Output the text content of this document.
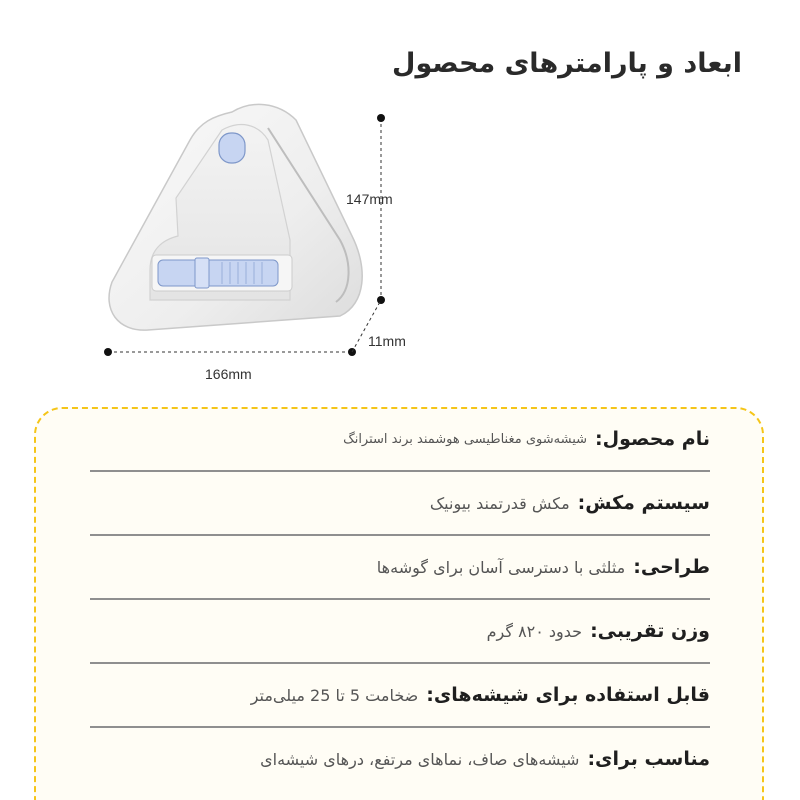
ابعاد و پارامترهای محصول
147mm
11mm
166mm
نام محصول:
شیشه‌شوی مغناطیسی هوشمند برند استرانگ
سیستم مکش:
مکش قدرتمند بیونیک
طراحی:
مثلثی با دسترسی آسان برای گوشه‌ها
وزن تقریبی:
حدود ۸۲۰ گرم
قابل استفاده برای شیشه‌های:
ضخامت 5 تا 25 میلی‌متر
مناسب برای:
شیشه‌های صاف، نماهای مرتفع، درهای شیشه‌ای
